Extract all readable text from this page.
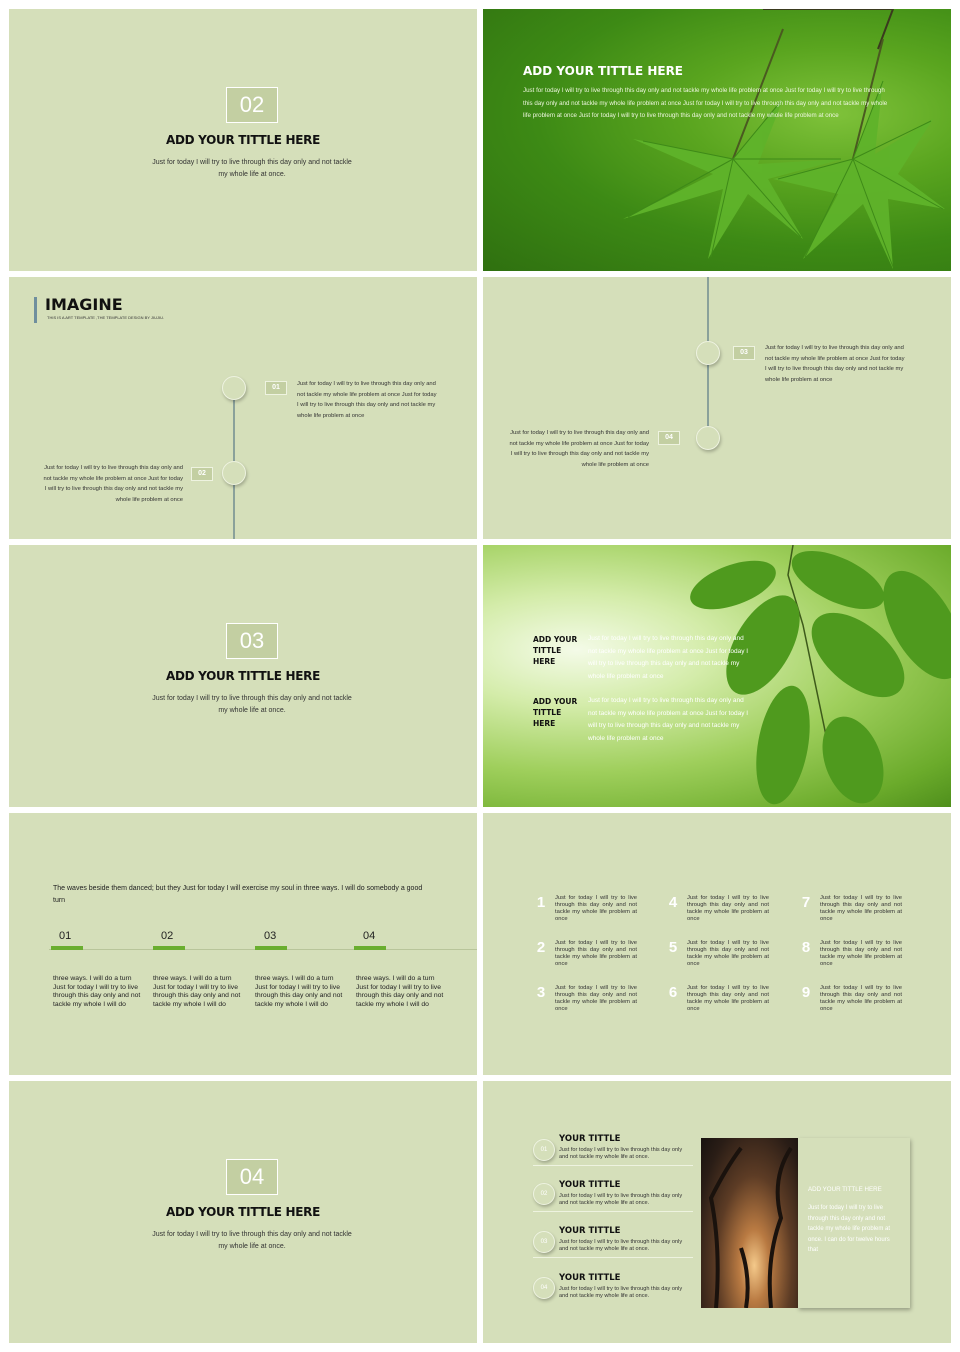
02
ADD YOUR TITTLE HERE
Just for today I will try to live through this day only and not tackle my whole life at once.
ADD YOUR TITTLE HERE
Just for today I will try to live through this day only and not tackle my whole life problem at once Just for today I will try to live through this day only and not tackle my whole life problem at once Just for today I will try to live through this day only and not tackle my whole life problem at once Just for today I will try to live through this day only and not tackle my whole life problem at once
IMAGINE
THIS IS A ART TEMPLATE ,THE TEMPLATE DESIGN BY JIUJIU.
01	Just for today I will try to live through this day only and not tackle my whole life problem at once Just for today I will try to live through this day only and not tackle my whole life problem at once
02
Just for today I will try to live through this day only and not tackle my whole life problem at once Just for today I will try to live through this day only and not tackle my whole life problem at once
03
Just for today I will try to live through this day only and not tackle my whole life problem at once Just for today I will try to live through this day only and not tackle my whole life problem at once
04
Just for today I will try to live through this day only and not tackle my whole life problem at once Just for today I will try to live through this day only and not tackle my whole life problem at once
03
ADD YOUR TITTLE HERE
Just for today I will try to live through this day only and not tackle my whole life at once.
ADD YOUR TITTLE HERE
Just for today I will try to live through this day only and not tackle my whole life problem at once Just for today I will try to live through this day only and not tackle my whole life problem at once
ADD YOUR TITTLE HERE
Just for today I will try to live through this day only and not tackle my whole life problem at once Just for today I will try to live through this day only and not tackle my whole life problem at once
The waves beside them danced; but they Just for today I will exercise my soul in three ways. I will do somebody a good turn
01
three ways. I will do a turn Just for today I will try to live through this day only and not tackle my whole I will do
02
three ways. I will do a turn Just for today I will try to live through this day only and not tackle my whole I will do
03
three ways. I will do a turn Just for today I will try to live through this day only and not tackle my whole I will do
04
three ways. I will do a turn Just for today I will try to live through this day only and not tackle my whole I will do
1	Just for today I will try to live through this day only and not tackle my whole life problem at once
2	Just for today I will try to live through this day only and not tackle my whole life problem at once
3	Just for today I will try to live through this day only and not tackle my whole life problem at once
4	Just for today I will try to live through this day only and not tackle my whole life problem at once
5	Just for today I will try to live through this day only and not tackle my whole life problem at once
6	Just for today I will try to live through this day only and not tackle my whole life problem at once
7	Just for today I will try to live through this day only and not tackle my whole life problem at once
8	Just for today I will try to live through this day only and not tackle my whole life problem at once
9	Just for today I will try to live through this day only and not tackle my whole life problem at once
04
ADD YOUR TITTLE HERE
Just for today I will try to live through this day only and not tackle my whole life at once.
01
YOUR TITTLE
Just for today I will try to live through this day only and not tackle my whole life at once.
02
YOUR TITTLE
Just for today I will try to live through this day only and not tackle my whole life at once.
03
YOUR TITTLE
Just for today I will try to live through this day only and not tackle my whole life at once.
04
YOUR TITTLE
Just for today I will try to live through this day only and not tackle my whole life at once.
ADD YOUR TITTLE HERE
Just for today I will try to live through this day only and not tackle my whole life problem at once. I can do for twelve hours that
